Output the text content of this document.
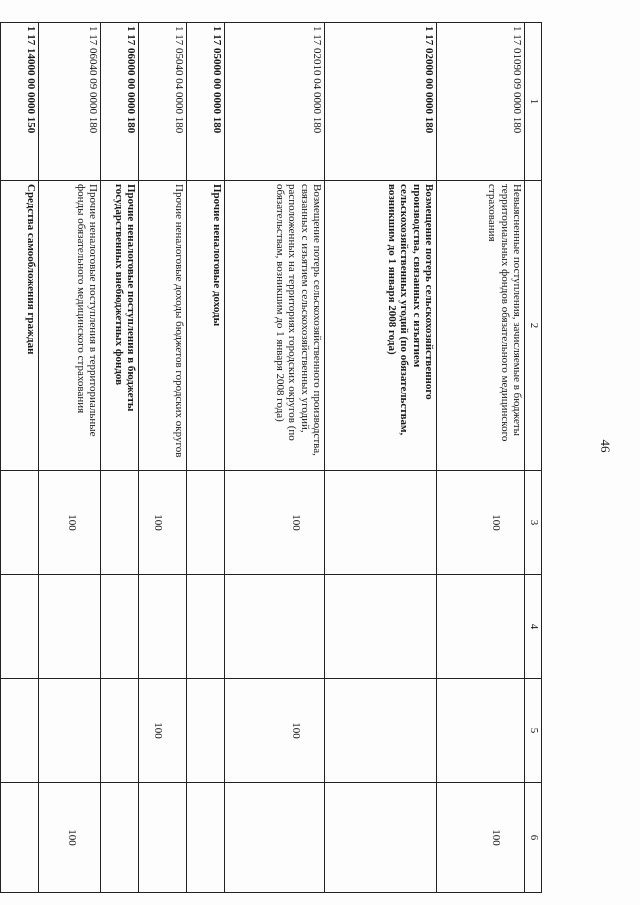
46
1	2	3	4	5	6
1 17 01090 09 0000 180	Невыясненные поступления, зачисляемые в бюджеты территориальных фондов обязательного медицинского страхования	100			100
1 17 02000 00 0000 180	Возмещение потерь сельскохозяйственного производства, связанных с изъятием сельскохозяйственных угодий (по обязательствам, возникшим до 1 января 2008 года)				
1 17 02010 04 0000 180	Возмещение потерь сельскохозяйственного производства, связанных с изъятием сельскохозяйственных угодий, расположенных на территориях городских округов (по обязательствам, возникшим до 1 января 2008 года)	100		100	
1 17 05000 00 0000 180	Прочие неналоговые доходы				
1 17 05040 04 0000 180	Прочие неналоговые доходы бюджетов городских округов	100		100	
1 17 06000 00 0000 180	Прочие неналоговые поступления в бюджеты государственных внебюджетных фондов				
1 17 06040 09 0000 180	Прочие неналоговые поступления в территориальные фонды обязательного медицинского страхования	100			100
1 17 14000 00 0000 150	Средства самообложения граждан				
